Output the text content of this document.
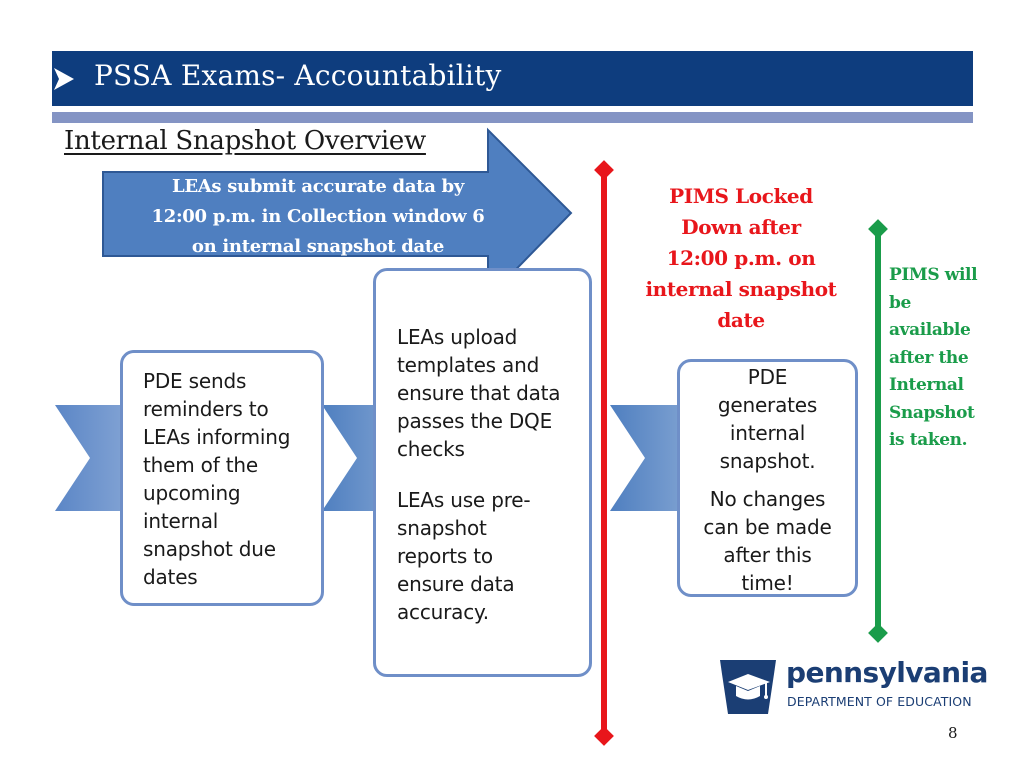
PSSA Exams- Accountability
Internal Snapshot Overview
LEAs submit accurate data by
12:00 p.m. in Collection window 6
on internal snapshot date
PDE sends
reminders to
LEAs informing
them of the
upcoming
internal
snapshot due
dates
LEAs upload
templates and
ensure that data
passes the DQE
checks
LEAs use pre-
snapshot
reports to
ensure data
accuracy.
PDE
generates
internal
snapshot.
No changes
can be made
after this
time!
PIMS Locked
Down after
12:00 p.m. on
internal snapshot
date
PIMS will
be
available
after the
Internal
Snapshot
is taken.
pennsylvania
DEPARTMENT OF EDUCATION
8
